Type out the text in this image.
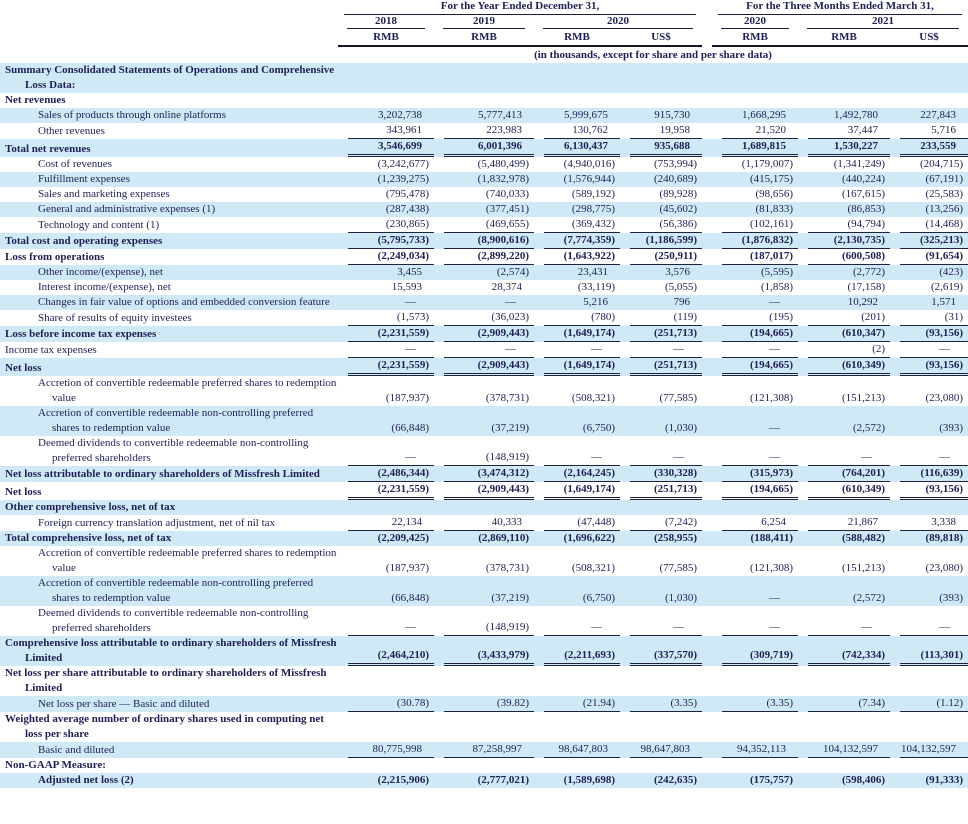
	For the Year Ended December 31,					For the Three Months Ended March 31,		

	2018	2019	2020			2020	2021	

	RMB	RMB	RMB	US$		RMB	RMB	US$

	(in thousands, except for share and per share data)							
Summary Consolidated Statements of Operations and Comprehensive Loss Data:	

Net revenues	

Sales of products through online platforms	3,202,738	5,777,413	5,999,675	915,730		1,668,295	1,492,780	227,843

Other revenues	343,961	223,983	130,762	19,958		21,520	37,447	5,716

Total net revenues	3,546,699	6,001,396	6,130,437	935,688		1,689,815	1,530,227	233,559

Cost of revenues	(3,242,677)	(5,480,499)	(4,940,016)	(753,994)		(1,179,007)	(1,341,249)	(204,715)

Fulfillment expenses	(1,239,275)	(1,832,978)	(1,576,944)	(240,689)		(415,175)	(440,224)	(67,191)

Sales and marketing expenses	(795,478)	(740,033)	(589,192)	(89,928)		(98,656)	(167,615)	(25,583)

General and administrative expenses (1)	(287,438)	(377,451)	(298,775)	(45,602)		(81,833)	(86,853)	(13,256)

Technology and content (1)	(230,865)	(469,655)	(369,432)	(56,386)		(102,161)	(94,794)	(14,468)

Total cost and operating expenses	(5,795,733)	(8,900,616)	(7,774,359)	(1,186,599)		(1,876,832)	(2,130,735)	(325,213)

Loss from operations	(2,249,034)	(2,899,220)	(1,643,922)	(250,911)		(187,017)	(600,508)	(91,654)

Other income/(expense), net	3,455	(2,574)	23,431	3,576		(5,595)	(2,772)	(423)

Interest income/(expense), net	15,593	28,374	(33,119)	(5,055)		(1,858)	(17,158)	(2,619)

Changes in fair value of options and embedded conversion feature	—	—	5,216	796		—	10,292	1,571

Share of results of equity investees	(1,573)	(36,023)	(780)	(119)		(195)	(201)	(31)

Loss before income tax expenses	(2,231,559)	(2,909,443)	(1,649,174)	(251,713)		(194,665)	(610,347)	(93,156)

Income tax expenses	—	—	—	—		—	(2)	—

Net loss	(2,231,559)	(2,909,443)	(1,649,174)	(251,713)		(194,665)	(610,349)	(93,156)

Accretion of convertible redeemable preferred shares to redemption value	(187,937)	(378,731)	(508,321)	(77,585)		(121,308)	(151,213)	(23,080)

Accretion of convertible redeemable non-controlling preferred shares to redemption value	(66,848)	(37,219)	(6,750)	(1,030)		—	(2,572)	(393)

Deemed dividends to convertible redeemable non-controlling preferred shareholders	—	(148,919)	—	—		—	—	—

Net loss attributable to ordinary shareholders of Missfresh Limited	(2,486,344)	(3,474,312)	(2,164,245)	(330,328)		(315,973)	(764,201)	(116,639)

Net loss	(2,231,559)	(2,909,443)	(1,649,174)	(251,713)		(194,665)	(610,349)	(93,156)

Other comprehensive loss, net of tax	

Foreign currency translation adjustment, net of nil tax	22,134	40,333	(47,448)	(7,242)		6,254	21,867	3,338

Total comprehensive loss, net of tax	(2,209,425)	(2,869,110)	(1,696,622)	(258,955)		(188,411)	(588,482)	(89,818)

Accretion of convertible redeemable preferred shares to redemption value	(187,937)	(378,731)	(508,321)	(77,585)		(121,308)	(151,213)	(23,080)

Accretion of convertible redeemable non-controlling preferred shares to redemption value	(66,848)	(37,219)	(6,750)	(1,030)		—	(2,572)	(393)

Deemed dividends to convertible redeemable non-controlling preferred shareholders	—	(148,919)	—	—		—	—	—

Comprehensive loss attributable to ordinary shareholders of Missfresh Limited	(2,464,210)	(3,433,979)	(2,211,693)	(337,570)		(309,719)	(742,334)	(113,301)

Net loss per share attributable to ordinary shareholders of Missfresh Limited	

Net loss per share — Basic and diluted	(30.78)	(39.82)	(21.94)	(3.35)		(3.35)	(7.34)	(1.12)

Weighted average number of ordinary shares used in computing net loss per share	

Basic and diluted	80,775,998	87,258,997	98,647,803	98,647,803		94,352,113	104,132,597	104,132,597

Non-GAAP Measure:	

Adjusted net loss (2)	(2,215,906)	(2,777,021)	(1,589,698)	(242,635)		(175,757)	(598,406)	(91,333)
